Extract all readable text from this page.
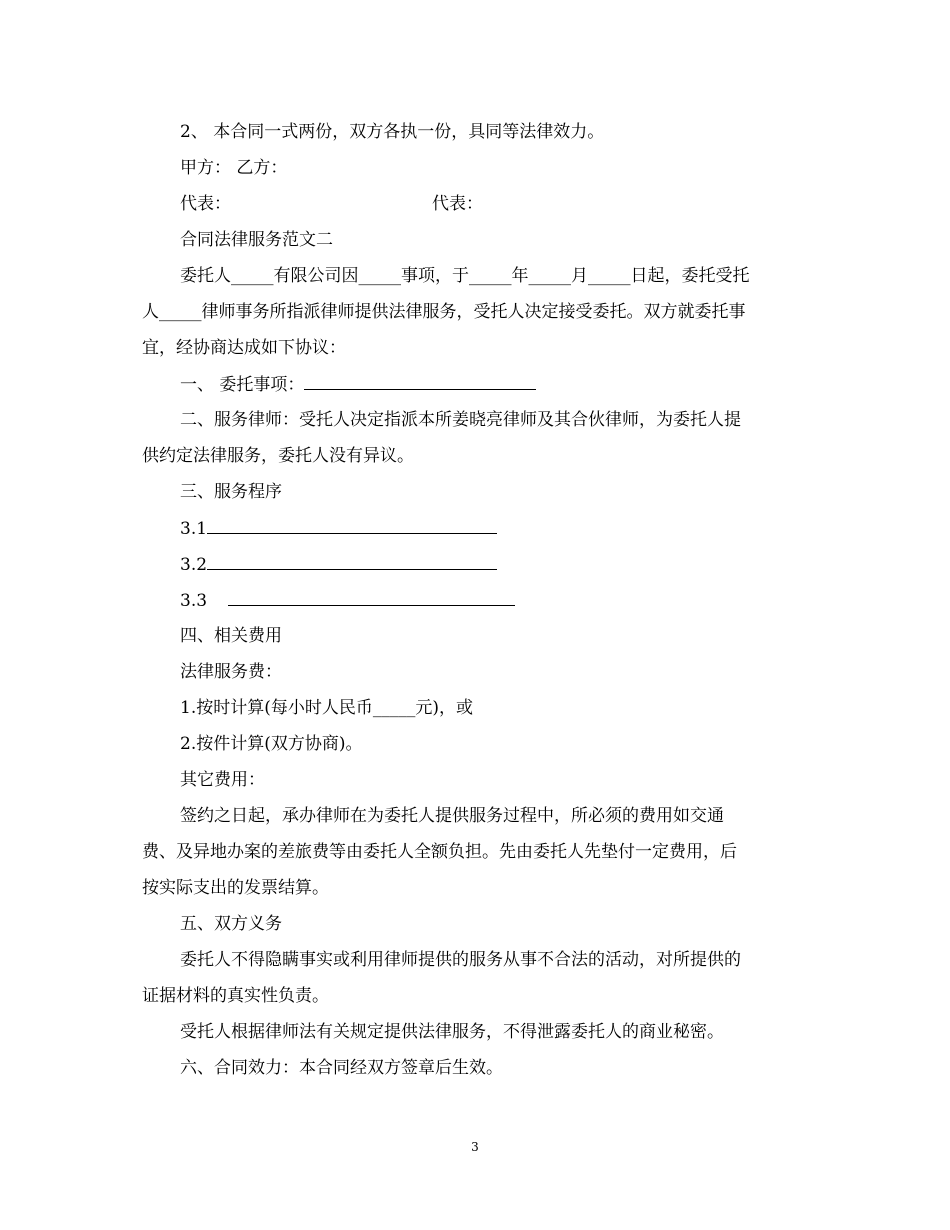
2、 本合同一式两份，双方各执一份，具同等法律效力。
甲方： 乙方：
代表：	代表：
合同法律服务范文二
委托人_____有限公司因_____事项，于_____年_____月_____日起，委托受托
人_____律师事务所指派律师提供法律服务，受托人决定接受委托。双方就委托事
宜，经协商达成如下协议：
一、 委托事项：
二、服务律师：受托人决定指派本所姜晓亮律师及其合伙律师，为委托人提
供约定法律服务，委托人没有异议。
三、服务程序
3.1
3.2
3.3
四、相关费用
法律服务费：
1.按时计算(每小时人民币_____元)，或
2.按件计算(双方协商)。
其它费用：
签约之日起，承办律师在为委托人提供服务过程中，所必须的费用如交通
费、及异地办案的差旅费等由委托人全额负担。先由委托人先垫付一定费用，后
按实际支出的发票结算。
五、双方义务
委托人不得隐瞒事实或利用律师提供的服务从事不合法的活动，对所提供的
证据材料的真实性负责。
受托人根据律师法有关规定提供法律服务，不得泄露委托人的商业秘密。
六、合同效力：本合同经双方签章后生效。
3
